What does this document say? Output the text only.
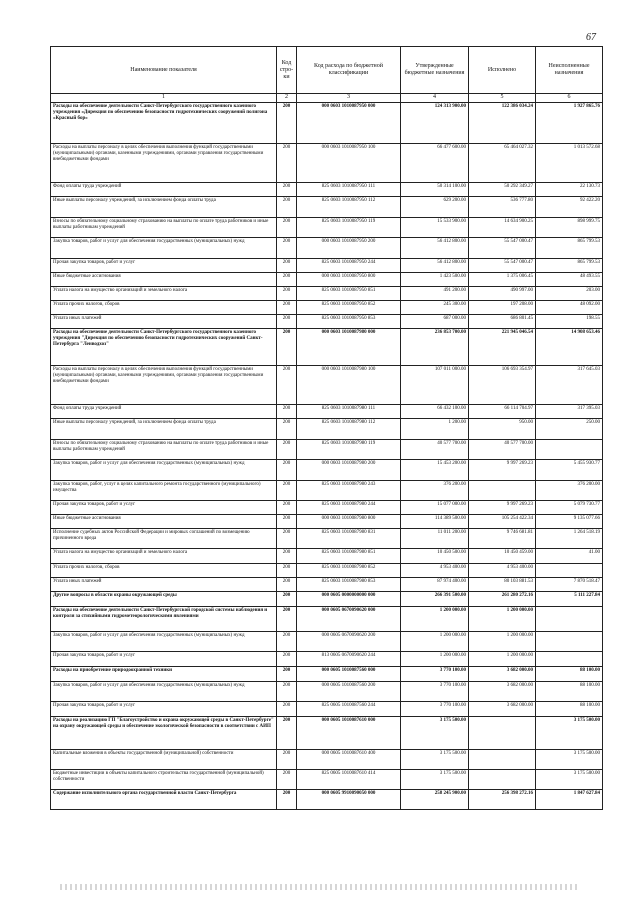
67
Наименование показателя	Код стро-ки	Код расхода по бюджетной классификации	Утвержденные бюджетные назначения	Исполнено	Неисполненные назначения
1	2	3	4	5	6
Расходы на обеспечение деятельности Санкт-Петербургского государственного казенного учреждения «Дирекция по обеспечению безопасности гидротехнических сооружений полигона «Красный бор»	200	000 0603 1010087950 000	124 313 900.00	122 386 034.24	1 927 865.76
Расходы на выплаты персоналу в целях обеспечения выполнения функций государственными (муниципальными) органами, казенными учреждениями, органами управления государственными внебюджетными фондами	200	000 0603 1010087950 100	66 477 600.00	65 464 027.32	1 013 572.68
Фонд оплаты труда учреждений	200	825 0603 1010087950 111	50 314 100.00	50 292 349.27	22 130.73
Иные выплаты персоналу учреждений, за исключением фонда оплаты труда	200	825 0603 1010087950 112	629 200.00	536 777.80	92 422.20
Взносы по обязательному социальному страхованию на выплаты по оплате труда работников и иные выплаты работникам учреждений	200	825 0603 1010087950 119	15 533 900.00	14 634 900.25	898 999.75
Закупка товаров, работ и услуг для обеспечения государственных (муниципальных) нужд	200	000 0603 1010087950 200	56 412 800.00	55 547 000.47	865 799.53
Прочая закупка товаров, работ и услуг	200	825 0603 1010087950 244	56 412 800.00	55 547 000.47	865 799.53
Иные бюджетные ассигнования	200	000 0603 1010087950 800	1 423 500.00	1 375 006.45	48 493.55
Уплата налога на имущество организаций и земельного налога	200	825 0603 1010087950 851	491 200.00	490 997.00	203.00
Уплата прочих налогов, сборов	200	825 0603 1010087950 852	245 300.00	197 208.00	48 092.00
Уплата иных платежей	200	825 0603 1010087950 853	687 000.00	686 801.45	198.55
Расходы на обеспечение деятельности Санкт-Петербургского государственного казенного учреждения "Дирекция по обеспечению безопасности гидротехнических сооружений Санкт-Петербурга "Ленводхоз"	200	000 0603 1010087980 000	236 853 700.00	221 945 046.54	14 908 653.46
Расходы на выплаты персоналу в целях обеспечения выполнения функций государственными (муниципальными) органами, казенными учреждениями, органами управления государственными внебюджетными фондами	200	000 0603 1010087980 100	107 011 000.00	106 693 354.97	317 645.03
Фонд оплаты труда учреждений	200	825 0603 1010087980 111	66 432 100.00	66 114 704.97	317 395.03
Иные выплаты персоналу учреждений, за исключением фонда оплаты труда	200	825 0603 1010087980 112	1 200.00	950.00	250.00
Взносы по обязательному социальному страхованию на выплаты по оплате труда работников и иные выплаты работникам учреждений	200	825 0603 1010087980 119	40 577 700.00	40 577 700.00	
Закупка товаров, работ и услуг для обеспечения государственных (муниципальных) нужд	200	000 0603 1010087980 200	15 453 200.00	9 997 269.23	5 455 930.77
Закупка товаров, работ, услуг в целях капитального ремонта государственного (муниципального) имущества	200	825 0603 1010087980 243	376 200.00		376 200.00
Прочая закупка товаров, работ и услуг	200	825 0603 1010087980 244	15 077 000.00	9 997 269.23	5 079 730.77
Иные бюджетные ассигнования	200	000 0603 1010087980 800	114 389 500.00	105 254 422.34	9 135 077.66
Исполнение судебных актов Российской Федерации и мировых соглашений по возмещению причиненного вреда	200	825 0603 1010087980 831	11 011 200.00	9 746 681.81	1 264 518.19
Уплата налога на имущество организаций и земельного налога	200	825 0603 1010087980 851	10 450 500.00	10 450 459.00	41.00
Уплата прочих налогов, сборов	200	825 0603 1010087980 852	4 953 400.00	4 953 400.00	
Уплата иных платежей	200	825 0603 1010087980 853	87 974 400.00	80 103 881.53	7 870 518.47
Другие вопросы в области охраны окружающей среды	200	000 0605 0000000000 000	266 391 500.00	261 280 272.16	5 111 227.84
Расходы на обеспечение деятельности Санкт-Петербургской городской системы наблюдения и контроля за стихийными гидрометеорологическими явлениями	200	000 0605 0670090620 000	1 200 000.00	1 200 000.00	
Закупка товаров, работ и услуг для обеспечения государственных (муниципальных) нужд	200	000 0605 0670090620 200	1 200 000.00	1 200 000.00	
Прочая закупка товаров, работ и услуг	200	813 0605 0670090620 244	1 200 000.00	1 200 000.00	
Расходы на приобретение природоохранной техники	200	000 0605 1010087560 000	3 770 100.00	3 682 000.00	88 100.00
Закупка товаров, работ и услуг для обеспечения государственных (муниципальных) нужд	200	000 0605 1010087560 200	3 770 100.00	3 682 000.00	88 100.00
Прочая закупка товаров, работ и услуг	200	825 0605 1010087560 244	3 770 100.00	3 682 000.00	88 100.00
Расходы на реализацию ГП "Благоустройство и охрана окружающей среды в Санкт-Петербурге" на охрану окружающей среды и обеспечение экологической безопасности в соответствии с АИП	200	000 0605 1010087610 000	3 175 500.00		3 175 500.00
Капитальные вложения в объекты государственной (муниципальной) собственности	200	000 0605 1010087610 400	3 175 500.00		3 175 500.00
Бюджетные инвестиции в объекты капитального строительства государственной (муниципальной) собственности	200	825 0605 1010087610 414	3 175 500.00		3 175 500.00
Содержание исполнительного органа государственной власти Санкт-Петербурга	200	000 0605 9910090050 000	258 245 900.00	256 398 272.16	1 847 627.84
